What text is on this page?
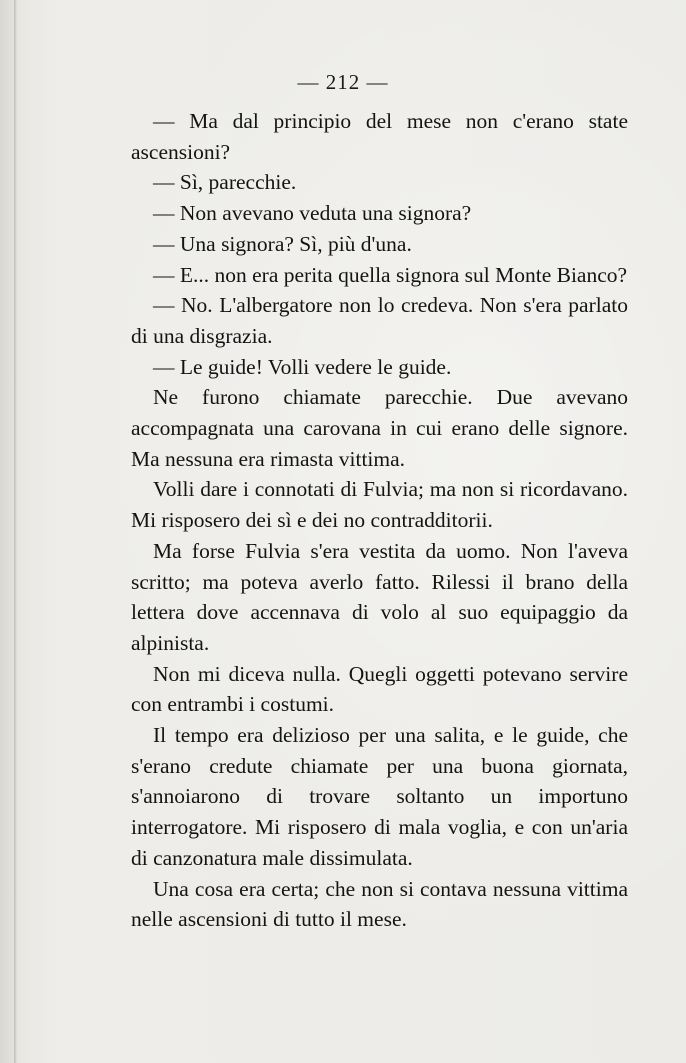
— 212 —

— Ma dal principio del mese non c'erano state ascensioni?

— Sì, parecchie.

— Non avevano veduta una signora?

— Una signora? Sì, più d'una.

— E... non era perita quella signora sul Monte Bianco?

— No. L'albergatore non lo credeva. Non s'era parlato di una disgrazia.

— Le guide! Volli vedere le guide.

Ne furono chiamate parecchie. Due avevano accompagnata una carovana in cui erano delle signore. Ma nessuna era rimasta vittima.

Volli dare i connotati di Fulvia; ma non si ricordavano. Mi risposero dei sì e dei no contradditorii.

Ma forse Fulvia s'era vestita da uomo. Non l'aveva scritto; ma poteva averlo fatto. Rilessi il brano della lettera dove accennava di volo al suo equipaggio da alpinista.

Non mi diceva nulla. Quegli oggetti potevano servire con entrambi i costumi.

Il tempo era delizioso per una salita, e le guide, che s'erano credute chiamate per una buona giornata, s'annoiarono di trovare soltanto un importuno interrogatore. Mi risposero di mala voglia, e con un'aria di canzonatura male dissimulata.

Una cosa era certa; che non si contava nessuna vittima nelle ascensioni di tutto il mese.
